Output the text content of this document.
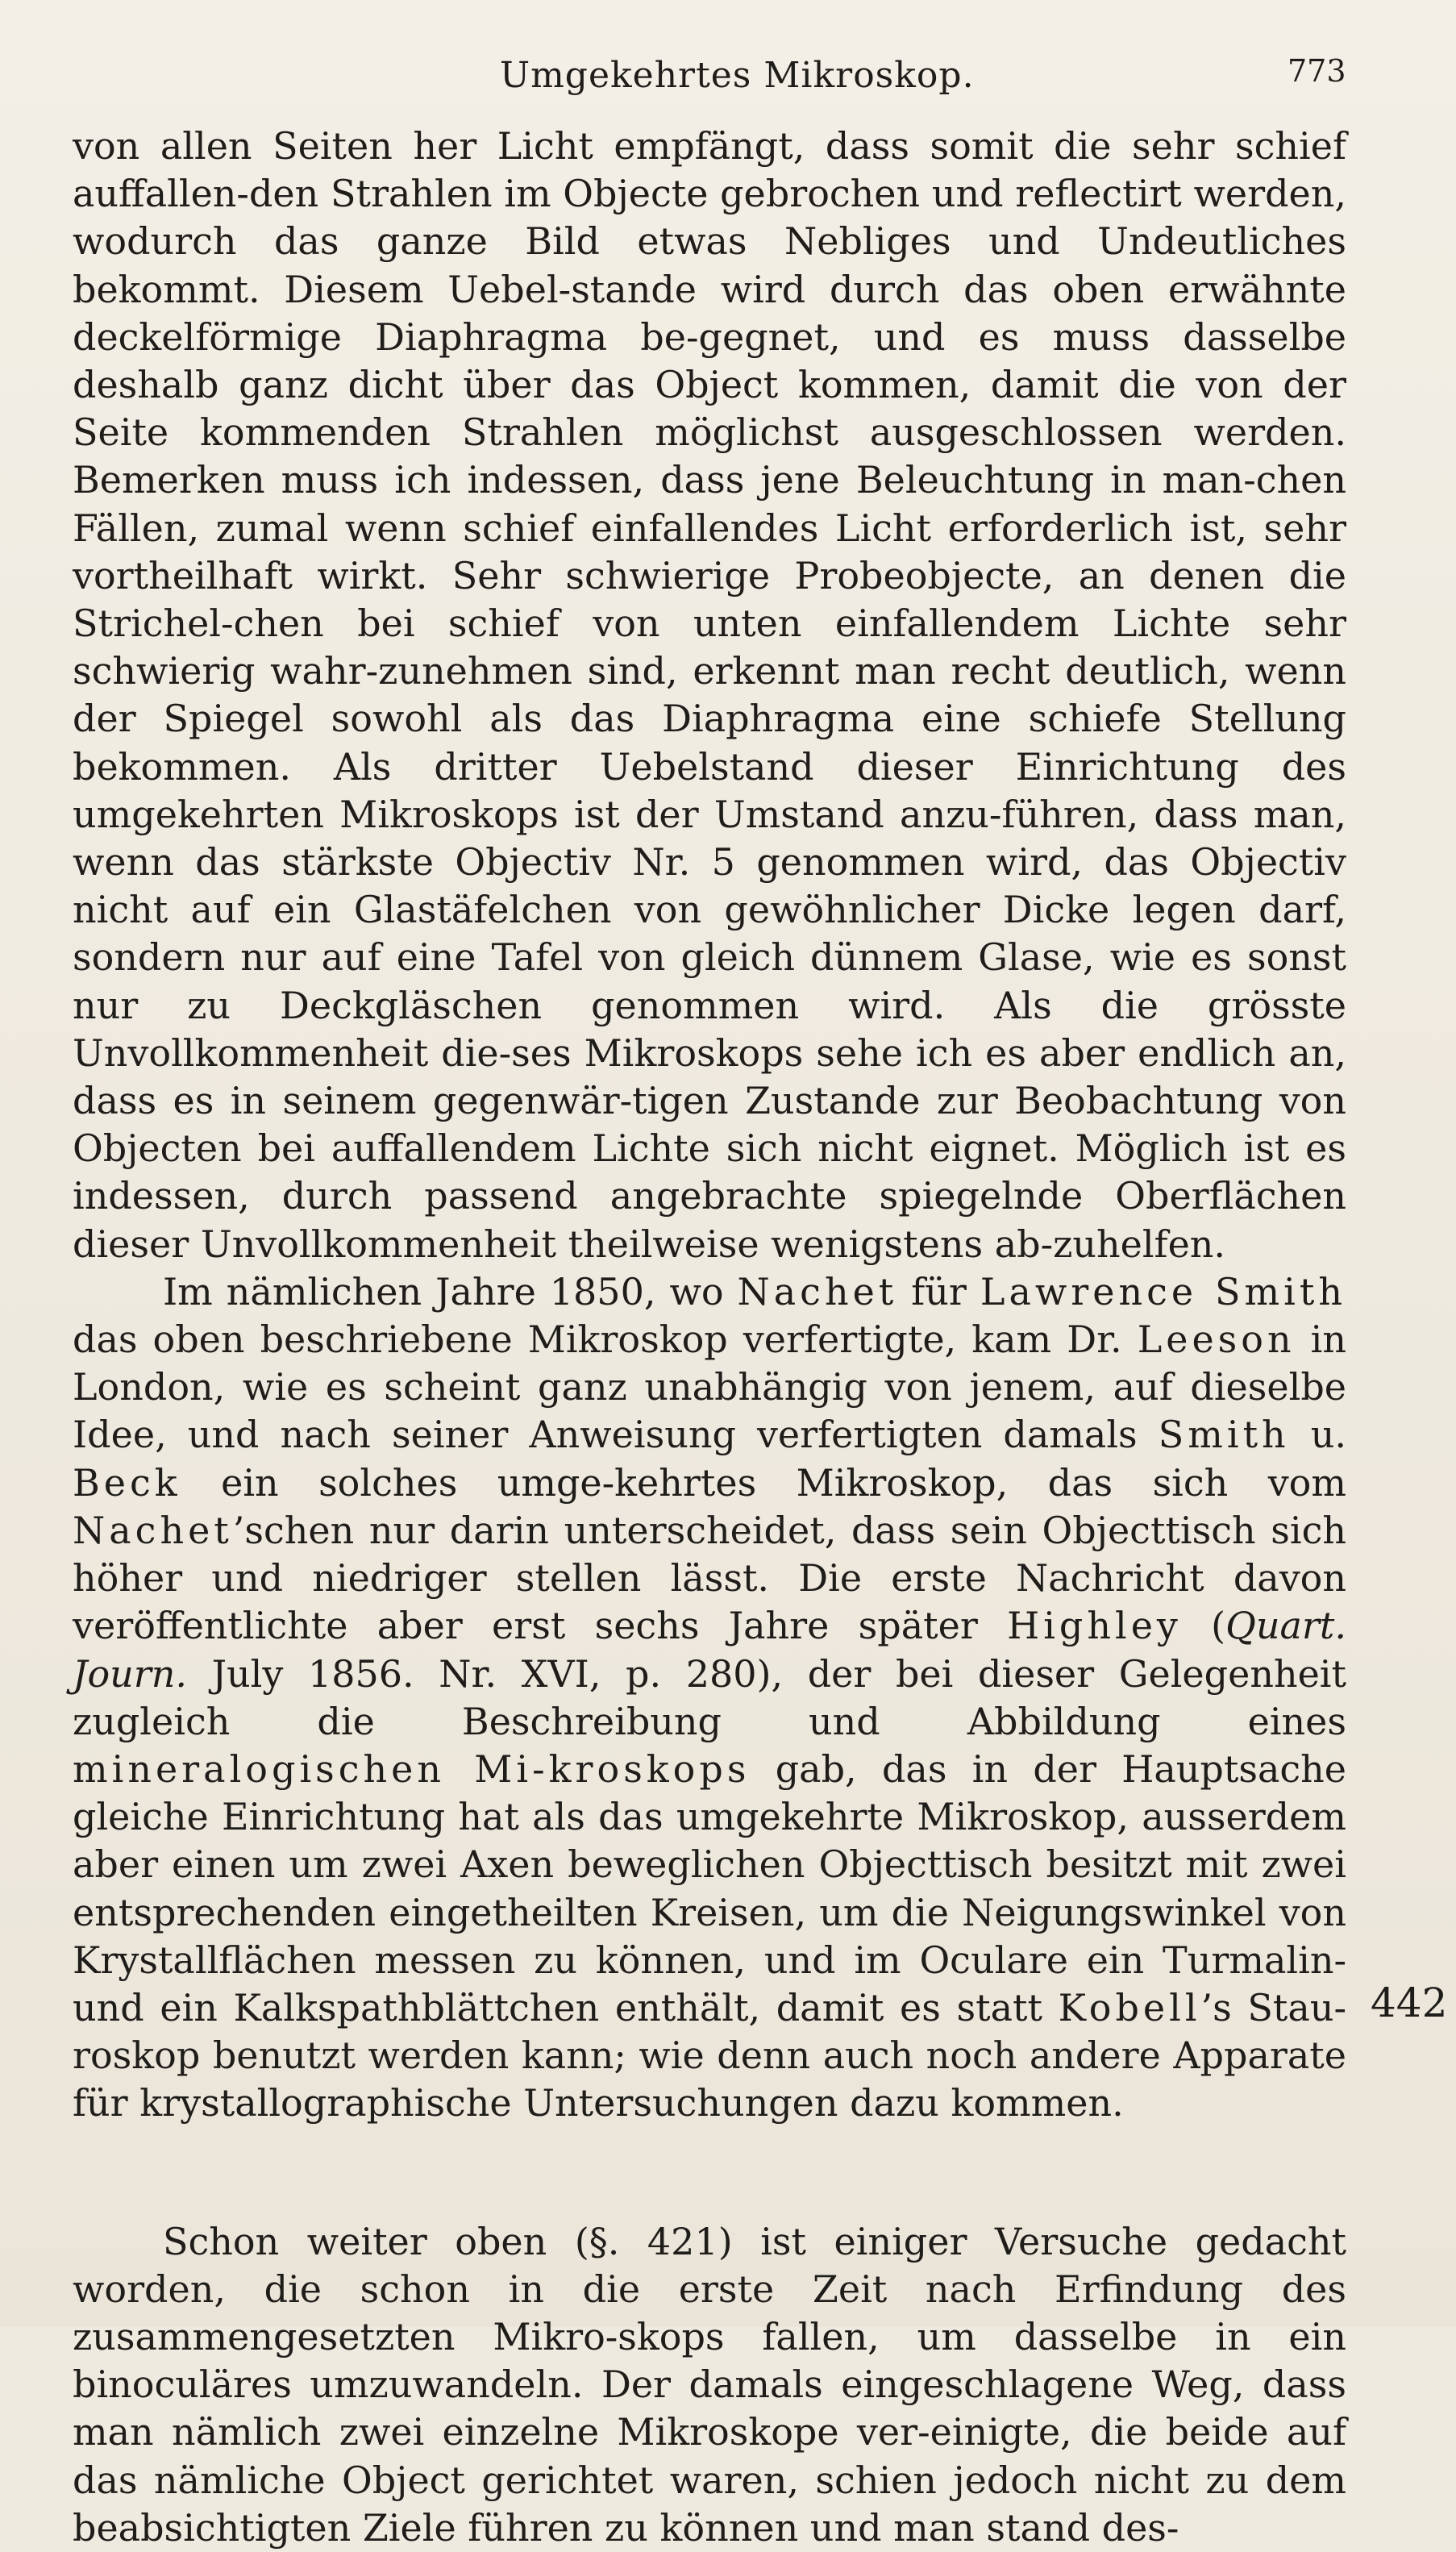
Umgekehrtes Mikroskop.	773

von allen Seiten her Licht empfängt, dass somit die sehr schief auffallen-den Strahlen im Objecte gebrochen und reflectirt werden, wodurch das ganze Bild etwas Nebliges und Undeutliches bekommt. Diesem Uebel-stande wird durch das oben erwähnte deckelförmige Diaphragma be-gegnet, und es muss dasselbe deshalb ganz dicht über das Object kommen, damit die von der Seite kommenden Strahlen möglichst ausgeschlossen werden. Bemerken muss ich indessen, dass jene Beleuchtung in man-chen Fällen, zumal wenn schief einfallendes Licht erforderlich ist, sehr vortheilhaft wirkt. Sehr schwierige Probeobjecte, an denen die Strichel-chen bei schief von unten einfallendem Lichte sehr schwierig wahr-zunehmen sind, erkennt man recht deutlich, wenn der Spiegel sowohl als das Diaphragma eine schiefe Stellung bekommen. Als dritter Uebelstand dieser Einrichtung des umgekehrten Mikroskops ist der Umstand anzu-führen, dass man, wenn das stärkste Objectiv Nr. 5 genommen wird, das Objectiv nicht auf ein Glastäfelchen von gewöhnlicher Dicke legen darf, sondern nur auf eine Tafel von gleich dünnem Glase, wie es sonst nur zu Deckgläschen genommen wird. Als die grösste Unvollkommenheit die-ses Mikroskops sehe ich es aber endlich an, dass es in seinem gegenwär-tigen Zustande zur Beobachtung von Objecten bei auffallendem Lichte sich nicht eignet. Möglich ist es indessen, durch passend angebrachte spiegelnde Oberflächen dieser Unvollkommenheit theilweise wenigstens ab-zuhelfen.

Im nämlichen Jahre 1850, wo Nachet für Lawrence Smith das oben beschriebene Mikroskop verfertigte, kam Dr. Leeson in London, wie es scheint ganz unabhängig von jenem, auf dieselbe Idee, und nach seiner Anweisung verfertigten damals Smith u. Beck ein solches umge-kehrtes Mikroskop, das sich vom Nachet’schen nur darin unterscheidet, dass sein Objecttisch sich höher und niedriger stellen lässt. Die erste Nachricht davon veröffentlichte aber erst sechs Jahre später Highley (Quart. Journ. July 1856. Nr. XVI, p. 280), der bei dieser Gelegenheit zugleich die Beschreibung und Abbildung eines mineralogischen Mi-kroskops gab, das in der Hauptsache gleiche Einrichtung hat als das umgekehrte Mikroskop, ausserdem aber einen um zwei Axen beweglichen Objecttisch besitzt mit zwei entsprechenden eingetheilten Kreisen, um die Neigungswinkel von Krystallflächen messen zu können, und im Oculare ein Turmalin- und ein Kalkspathblättchen enthält, damit es statt Kobell’s Stau-roskop benutzt werden kann; wie denn auch noch andere Apparate für krystallographische Untersuchungen dazu kommen.

Schon weiter oben (§. 421) ist einiger Versuche gedacht worden, die schon in die erste Zeit nach Erfindung des zusammengesetzten Mikro-skops fallen, um dasselbe in ein binoculäres umzuwandeln. Der damals eingeschlagene Weg, dass man nämlich zwei einzelne Mikroskope ver-einigte, die beide auf das nämliche Object gerichtet waren, schien jedoch nicht zu dem beabsichtigten Ziele führen zu können und man stand des-

442
